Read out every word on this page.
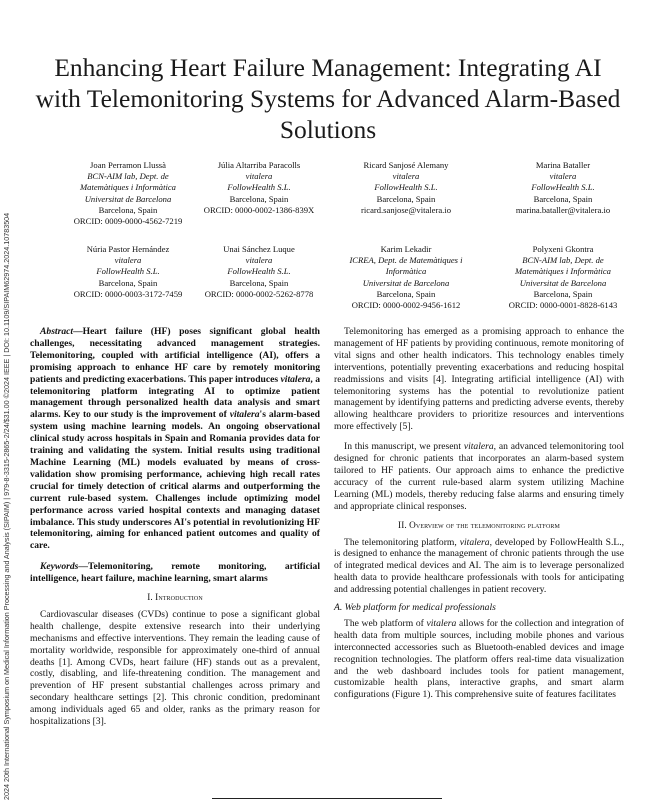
2024 20th International Symposium on Medical Information Processing and Analysis (SIPAIM) | 979-8-3315-2865-2/24/$31.00 ©2024 IEEE | DOI: 10.1109/SIPAIM62974.2024.10783504
Enhancing Heart Failure Management: Integrating AI with Telemonitoring Systems for Advanced Alarm-Based Solutions
Joan Perramon Llussà
BCN-AIM lab, Dept. de
Matemàtiques i Informàtica
Universitat de Barcelona
Barcelona, Spain
ORCID: 0009-0000-4562-7219
Júlia Altarriba Paracolls
vitalera
FollowHealth S.L.
Barcelona, Spain
ORCID: 0000-0002-1386-839X
Ricard Sanjosé Alemany
vitalera
FollowHealth S.L.
Barcelona, Spain
ricard.sanjose@vitalera.io
Marina Bataller
vitalera
FollowHealth S.L.
Barcelona, Spain
marina.bataller@vitalera.io
Núria Pastor Hernández
vitalera
FollowHealth S.L.
Barcelona, Spain
ORCID: 0000-0003-3172-7459
Unai Sánchez Luque
vitalera
FollowHealth S.L.
Barcelona, Spain
ORCID: 0000-0002-5262-8778
Karim Lekadir
ICREA, Dept. de Matemàtiques i
Informàtica
Universitat de Barcelona
Barcelona, Spain
ORCID: 0000-0002-9456-1612
Polyxeni Gkontra
BCN-AIM lab, Dept. de
Matemàtiques i Informàtica
Universitat de Barcelona
Barcelona, Spain
ORCID: 0000-0001-8828-6143

Abstract—Heart failure (HF) poses significant global health challenges, necessitating advanced management strategies. Telemonitoring, coupled with artificial intelligence (AI), offers a promising approach to enhance HF care by remotely monitoring patients and predicting exacerbations. This paper introduces vitalera, a telemonitoring platform integrating AI to optimize patient management through personalized health data analysis and smart alarms. Key to our study is the improvement of vitalera's alarm-based system using machine learning models. An ongoing observational clinical study across hospitals in Spain and Romania provides data for training and validating the system. Initial results using traditional Machine Learning (ML) models evaluated by means of cross-validation show promising performance, achieving high recall rates crucial for timely detection of critical alarms and outperforming the current rule-based system. Challenges include optimizing model performance across varied hospital contexts and managing dataset imbalance. This study underscores AI's potential in revolutionizing HF telemonitoring, aiming for enhanced patient outcomes and quality of care.

Keywords—Telemonitoring, remote monitoring, artificial intelligence, heart failure, machine learning, smart alarms

I. Introduction

Cardiovascular diseases (CVDs) continue to pose a significant global health challenge, despite extensive research into their underlying mechanisms and effective interventions. They remain the leading cause of mortality worldwide, responsible for approximately one-third of annual deaths [1]. Among CVDs, heart failure (HF) stands out as a prevalent, costly, disabling, and life-threatening condition. The management and prevention of HF present substantial challenges across primary and secondary healthcare settings [2]. This chronic condition, predominant among individuals aged 65 and older, ranks as the primary reason for hospitalizations [3].

Telemonitoring has emerged as a promising approach to enhance the management of HF patients by providing continuous, remote monitoring of vital signs and other health indicators. This technology enables timely interventions, potentially preventing exacerbations and reducing hospital readmissions and visits [4]. Integrating artificial intelligence (AI) with telemonitoring systems has the potential to revolutionize patient management by identifying patterns and predicting adverse events, thereby allowing healthcare providers to prioritize resources and interventions more effectively [5].

In this manuscript, we present vitalera, an advanced telemonitoring tool designed for chronic patients that incorporates an alarm-based system tailored to HF patients. Our approach aims to enhance the predictive accuracy of the current rule-based alarm system utilizing Machine Learning (ML) models, thereby reducing false alarms and ensuring timely and appropriate clinical responses.

II. Overview of the telemonitoring platform

The telemonitoring platform, vitalera, developed by FollowHealth S.L., is designed to enhance the management of chronic patients through the use of integrated medical devices and AI. The aim is to leverage personalized health data to provide healthcare professionals with tools for anticipating and addressing potential challenges in patient recovery.

A. Web platform for medical professionals

The web platform of vitalera allows for the collection and integration of health data from multiple sources, including mobile phones and various interconnected accessories such as Bluetooth-enabled devices and image recognition technologies. The platform offers real-time data visualization and the web dashboard includes tools for patient management, customizable health plans, interactive graphs, and smart alarm configurations (Figure 1). This comprehensive suite of features facilitates
